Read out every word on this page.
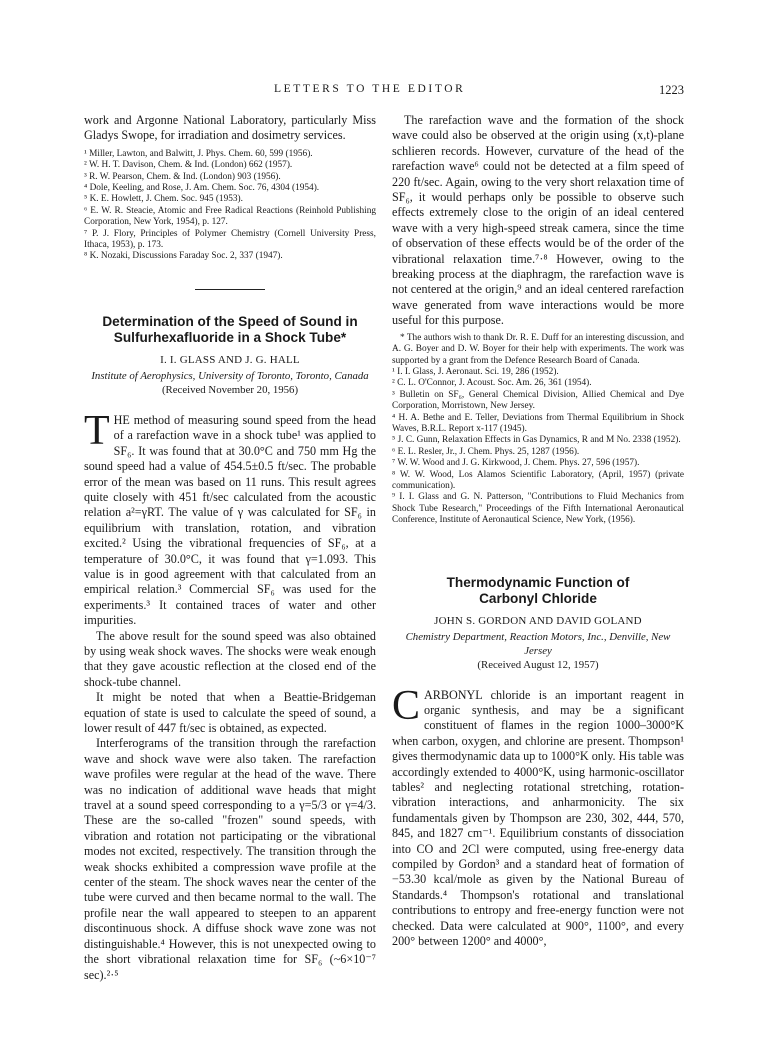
LETTERS TO THE EDITOR	1223

work and Argonne National Laboratory, particularly Miss Gladys Swope, for irradiation and dosimetry services.

¹ Miller, Lawton, and Balwitt, J. Phys. Chem. 60, 599 (1956).
² W. H. T. Davison, Chem. & Ind. (London) 662 (1957).
³ R. W. Pearson, Chem. & Ind. (London) 903 (1956).
⁴ Dole, Keeling, and Rose, J. Am. Chem. Soc. 76, 4304 (1954).
⁵ K. E. Howlett, J. Chem. Soc. 945 (1953).
⁶ E. W. R. Steacie, Atomic and Free Radical Reactions (Reinhold Publishing Corporation, New York, 1954), p. 127.
⁷ P. J. Flory, Principles of Polymer Chemistry (Cornell University Press, Ithaca, 1953), p. 173.
⁸ K. Nozaki, Discussions Faraday Soc. 2, 337 (1947).
Determination of the Speed of Sound in
Sulfurhexafluoride in a Shock Tube*
I. I. GLASS AND J. G. HALL
Institute of Aerophysics, University of Toronto, Toronto, Canada
(Received November 20, 1956)

THE method of measuring sound speed from the head of a rarefaction wave in a shock tube¹ was applied to SF₆. It was found that at 30.0°C and 750 mm Hg the sound speed had a value of 454.5±0.5 ft/sec. The probable error of the mean was based on 11 runs. This result agrees quite closely with 451 ft/sec calculated from the acoustic relation a²=γRT. The value of γ was calculated for SF₆ in equilibrium with translation, rotation, and vibration excited.² Using the vibrational frequencies of SF₆, at a temperature of 30.0°C, it was found that γ=1.093. This value is in good agreement with that calculated from an empirical relation.³ Commercial SF₆ was used for the experiments.³ It contained traces of water and other impurities.

The above result for the sound speed was also obtained by using weak shock waves. The shocks were weak enough that they gave acoustic reflection at the closed end of the shock-tube channel.

It might be noted that when a Beattie-Bridgeman equation of state is used to calculate the speed of sound, a lower result of 447 ft/sec is obtained, as expected.

Interferograms of the transition through the rarefaction wave and shock wave were also taken. The rarefaction wave profiles were regular at the head of the wave. There was no indication of additional wave heads that might travel at a sound speed corresponding to a γ=5/3 or γ=4/3. These are the so-called "frozen" sound speeds, with vibration and rotation not participating or the vibrational modes not excited, respectively. The transition through the weak shocks exhibited a compression wave profile at the center of the steam. The shock waves near the center of the tube were curved and then became normal to the wall. The profile near the wall appeared to steepen to an apparent discontinuous shock. A diffuse shock wave zone was not distinguishable.⁴ However, this is not unexpected owing to the short vibrational relaxation time for SF₆ (~6×10⁻⁷ sec).²·⁵

The rarefaction wave and the formation of the shock wave could also be observed at the origin using (x,t)-plane schlieren records. However, curvature of the head of the rarefaction wave⁶ could not be detected at a film speed of 220 ft/sec. Again, owing to the very short relaxation time of SF₆, it would perhaps only be possible to observe such effects extremely close to the origin of an ideal centered wave with a very high-speed streak camera, since the time of observation of these effects would be of the order of the vibrational relaxation time.⁷·⁸ However, owing to the breaking process at the diaphragm, the rarefaction wave is not centered at the origin,⁹ and an ideal centered rarefaction wave generated from wave interactions would be more useful for this purpose.

* The authors wish to thank Dr. R. E. Duff for an interesting discussion, and A. G. Boyer and D. W. Boyer for their help with experiments. The work was supported by a grant from the Defence Research Board of Canada.
¹ I. I. Glass, J. Aeronaut. Sci. 19, 286 (1952).
² C. L. O'Connor, J. Acoust. Soc. Am. 26, 361 (1954).
³ Bulletin on SF₆, General Chemical Division, Allied Chemical and Dye Corporation, Morristown, New Jersey.
⁴ H. A. Bethe and E. Teller, Deviations from Thermal Equilibrium in Shock Waves, B.R.L. Report x-117 (1945).
⁵ J. C. Gunn, Relaxation Effects in Gas Dynamics, R and M No. 2338 (1952).
⁶ E. L. Resler, Jr., J. Chem. Phys. 25, 1287 (1956).
⁷ W. W. Wood and J. G. Kirkwood, J. Chem. Phys. 27, 596 (1957).
⁸ W. W. Wood, Los Alamos Scientific Laboratory, (April, 1957) (private communication).
⁹ I. I. Glass and G. N. Patterson, "Contributions to Fluid Mechanics from Shock Tube Research," Proceedings of the Fifth International Aeronautical Conference, Institute of Aeronautical Science, New York, (1956).
Thermodynamic Function of
Carbonyl Chloride
JOHN S. GORDON AND DAVID GOLAND
Chemistry Department, Reaction Motors, Inc., Denville, New Jersey
(Received August 12, 1957)

CARBONYL chloride is an important reagent in organic synthesis, and may be a significant constituent of flames in the region 1000–3000°K when carbon, oxygen, and chlorine are present. Thompson¹ gives thermodynamic data up to 1000°K only. His table was accordingly extended to 4000°K, using harmonic-oscillator tables² and neglecting rotational stretching, rotation-vibration interactions, and anharmonicity. The six fundamentals given by Thompson are 230, 302, 444, 570, 845, and 1827 cm⁻¹. Equilibrium constants of dissociation into CO and 2Cl were computed, using free-energy data compiled by Gordon³ and a standard heat of formation of −53.30 kcal/mole as given by the National Bureau of Standards.⁴ Thompson's rotational and translational contributions to entropy and free-energy function were not checked. Data were calculated at 900°, 1100°, and every 200° between 1200° and 4000°,
